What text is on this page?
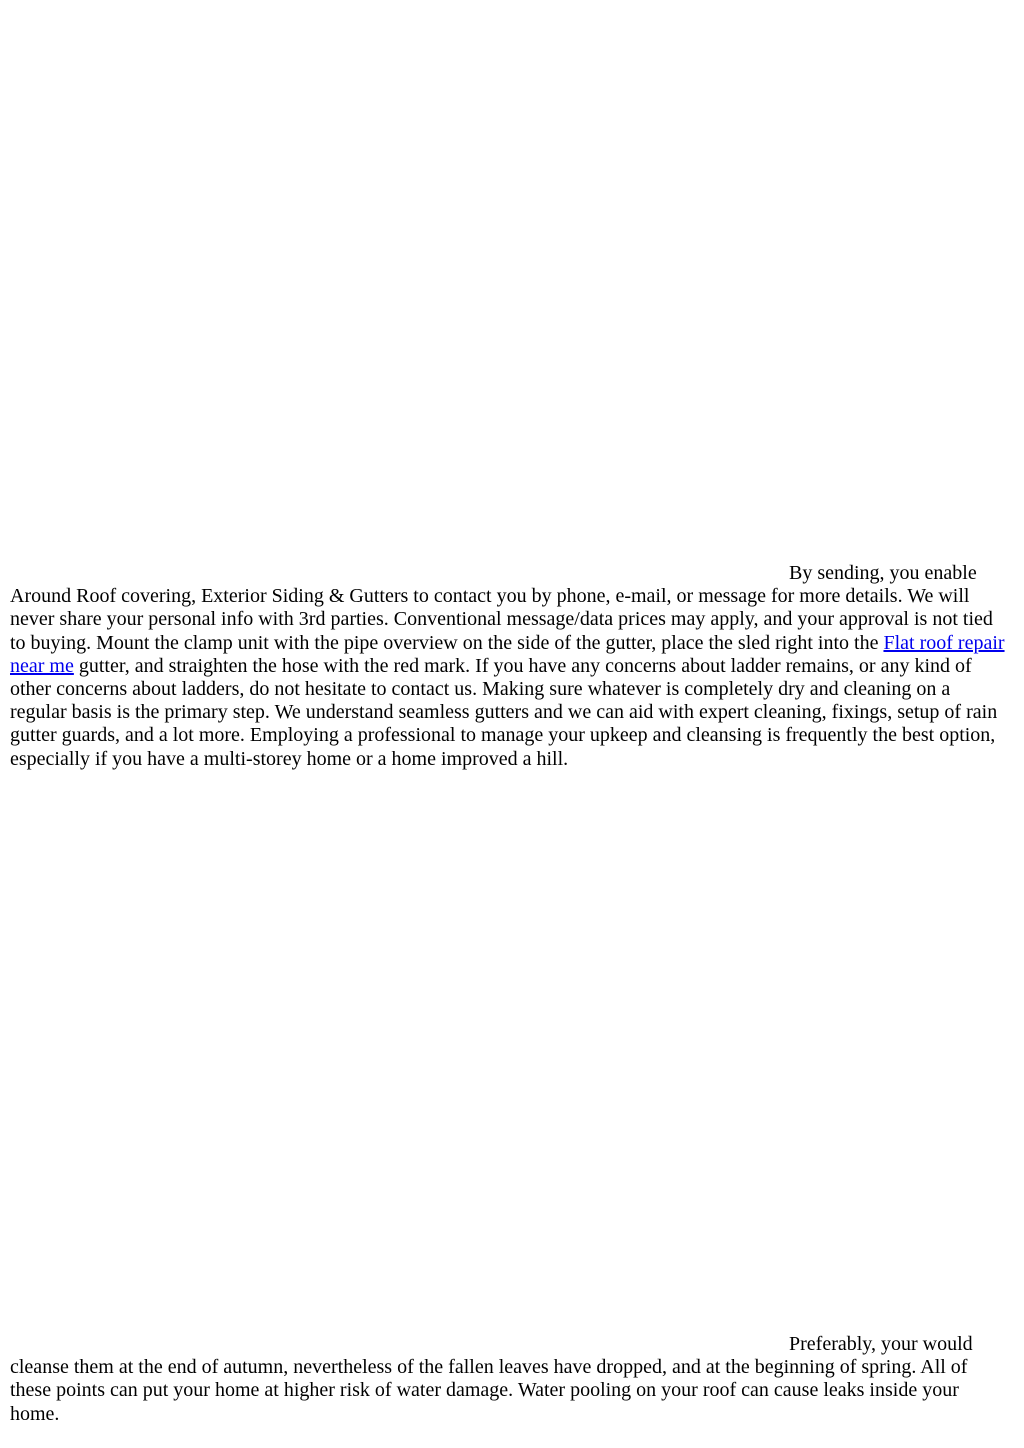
By sending, you enable Around Roof covering, Exterior Siding & Gutters to contact you by phone, e-mail, or message for more details. We will never share your personal info with 3rd parties. Conventional message/data prices may apply, and your approval is not tied to buying. Mount the clamp unit with the pipe overview on the side of the gutter, place the sled right into the Flat roof repair near me gutter, and straighten the hose with the red mark. If you have any concerns about ladder remains, or any kind of other concerns about ladders, do not hesitate to contact us. Making sure whatever is completely dry and cleaning on a regular basis is the primary step. We understand seamless gutters and we can aid with expert cleaning, fixings, setup of rain gutter guards, and a lot more. Employing a professional to manage your upkeep and cleansing is frequently the best option, especially if you have a multi-storey home or a home improved a hill.

Preferably, your would cleanse them at the end of autumn, nevertheless of the fallen leaves have dropped, and at the beginning of spring. All of these points can put your home at higher risk of water damage. Water pooling on your roof can cause leaks inside your home.
